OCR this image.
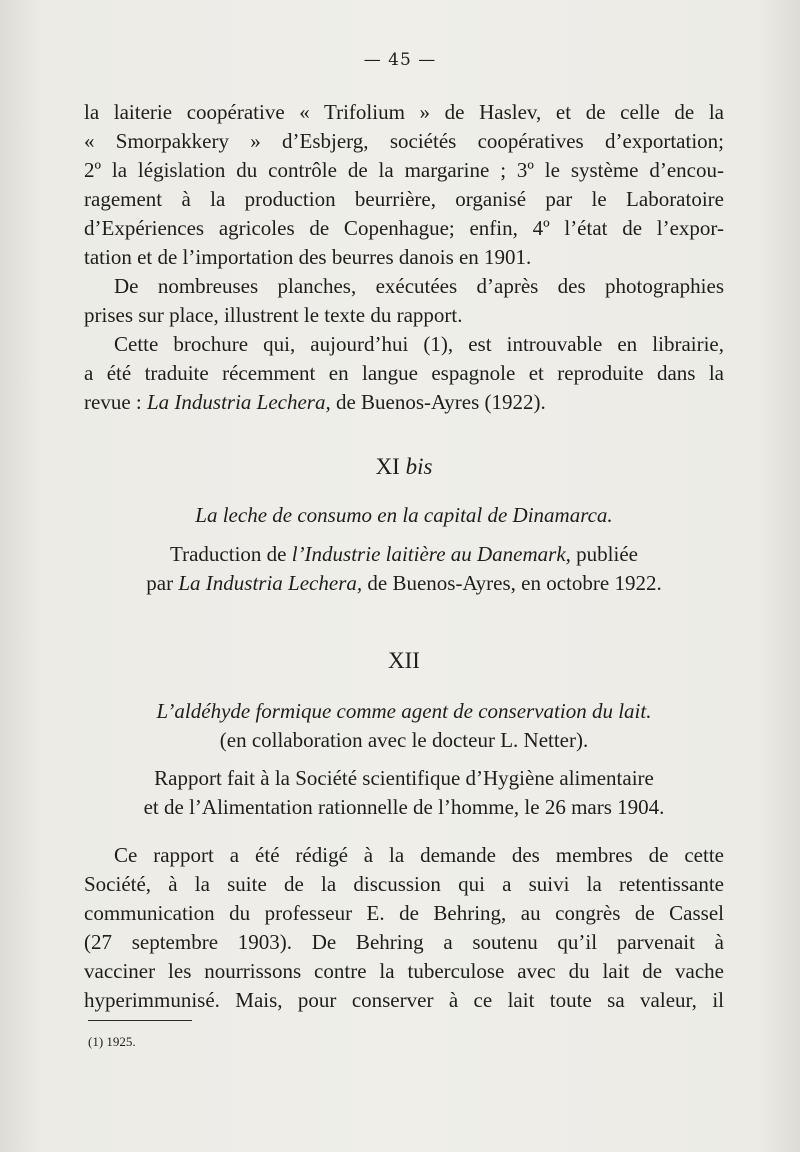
— 45 —

la laiterie coopérative « Trifolium » de Haslev, et de celle de la
« Smorpakkery » d’Esbjerg, sociétés coopératives d’exportation;
2º la législation du contrôle de la margarine ; 3º le système d’encou-
ragement à la production beurrière, organisé par le Laboratoire
d’Expériences agricoles de Copenhague; enfin, 4º l’état de l’expor-
tation et de l’importation des beurres danois en 1901.

De nombreuses planches, exécutées d’après des photographies
prises sur place, illustrent le texte du rapport.

Cette brochure qui, aujourd’hui (1), est introuvable en librairie,
a été traduite récemment en langue espagnole et reproduite dans la
revue : La Industria Lechera, de Buenos-Ayres (1922).

XI bis

La leche de consumo en la capital de Dinamarca.

Traduction de l’Industrie laitière au Danemark, publiée

par La Industria Lechera, de Buenos-Ayres, en octobre 1922.

XII

L’aldéhyde formique comme agent de conservation du lait.

(en collaboration avec le docteur L. Netter).

Rapport fait à la Société scientifique d’Hygiène alimentaire

et de l’Alimentation rationnelle de l’homme, le 26 mars 1904.

Ce rapport a été rédigé à la demande des membres de cette
Société, à la suite de la discussion qui a suivi la retentissante
communication du professeur E. de Behring, au congrès de Cassel
(27 septembre 1903). De Behring a soutenu qu’il parvenait à
vacciner les nourrissons contre la tuberculose avec du lait de vache
hyperimmunisé. Mais, pour conserver à ce lait toute sa valeur, il

(1) 1925.
